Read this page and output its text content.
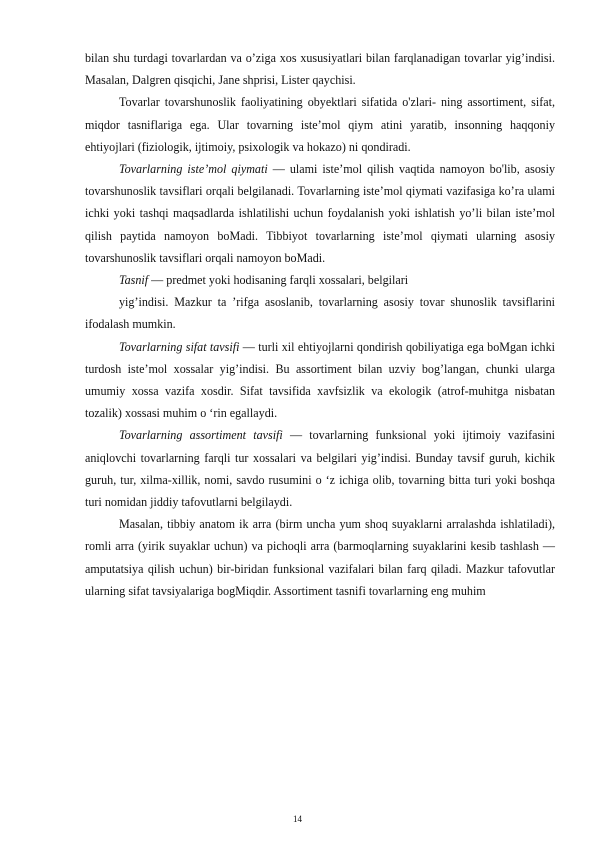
bilan shu turdagi tovarlardan va o’ziga xos xususiyatlari bilan farqlanadigan tovarlar yig’indisi. Masalan, Dalgren qisqichi, Jane shprisi, Lister qaychisi.

Tovarlar tovarshunoslik faoliyatining obyektlari sifatida o'zlari- ning assortiment, sifat, miqdor tasniflariga ega. Ular tovarning iste’mol qiym atini yaratib, insonning haqqoniy ehtiyojlari (fiziologik, ijtimoiy, psixologik va hokazo) ni qondiradi.

Tovarlarning iste’mol qiymati — ulami iste’mol qilish vaqtida namoyon bo'lib, asosiy tovarshunoslik tavsiflari orqali belgilanadi. Tovarlarning iste’mol qiymati vazifasiga ko’ra ulami ichki yoki tashqi maqsadlarda ishlatilishi uchun foydalanish yoki ishlatish yo’li bilan iste’mol qilish paytida namoyon boMadi. Tibbiyot tovarlarning iste’mol qiymati ularning asosiy tovarshunoslik tavsiflari orqali namoyon boMadi.

Tasnif — predmet yoki hodisaning farqli xossalari, belgilari

yig’indisi. Mazkur ta ’rifga asoslanib, tovarlarning asosiy tovar shunoslik tavsiflarini ifodalash mumkin.

Tovarlarning sifat tavsifi — turli xil ehtiyojlarni qondirish qobiliyatiga ega boMgan ichki turdosh iste’mol xossalar yig’indisi. Bu assortiment bilan uzviy bog’langan, chunki ularga umumiy xossa vazifa xosdir. Sifat tavsifida xavfsizlik va ekologik (atrof-muhitga nisbatan tozalik) xossasi muhim o ‘rin egallaydi.

Tovarlarning assortiment tavsifi — tovarlarning funksional yoki ijtimoiy vazifasini aniqlovchi tovarlarning farqli tur xossalari va belgilari yig’indisi. Bunday tavsif guruh, kichik guruh, tur, xilma-xillik, nomi, savdo rusumini o ‘z ichiga olib, tovarning bitta turi yoki boshqa turi nomidan jiddiy tafovutlarni belgilaydi.

Masalan, tibbiy anatom ik arra (birm uncha yum shoq suyaklarni arralashda ishlatiladi), romli arra (yirik suyaklar uchun) va pichoqli arra (barmoqlarning suyaklarini kesib tashlash — amputatsiya qilish uchun) bir-biridan funksional vazifalari bilan farq qiladi. Mazkur tafovutlar ularning sifat tavsiyalariga bogMiqdir. Assortiment tasnifi tovarlarning eng muhim

14
